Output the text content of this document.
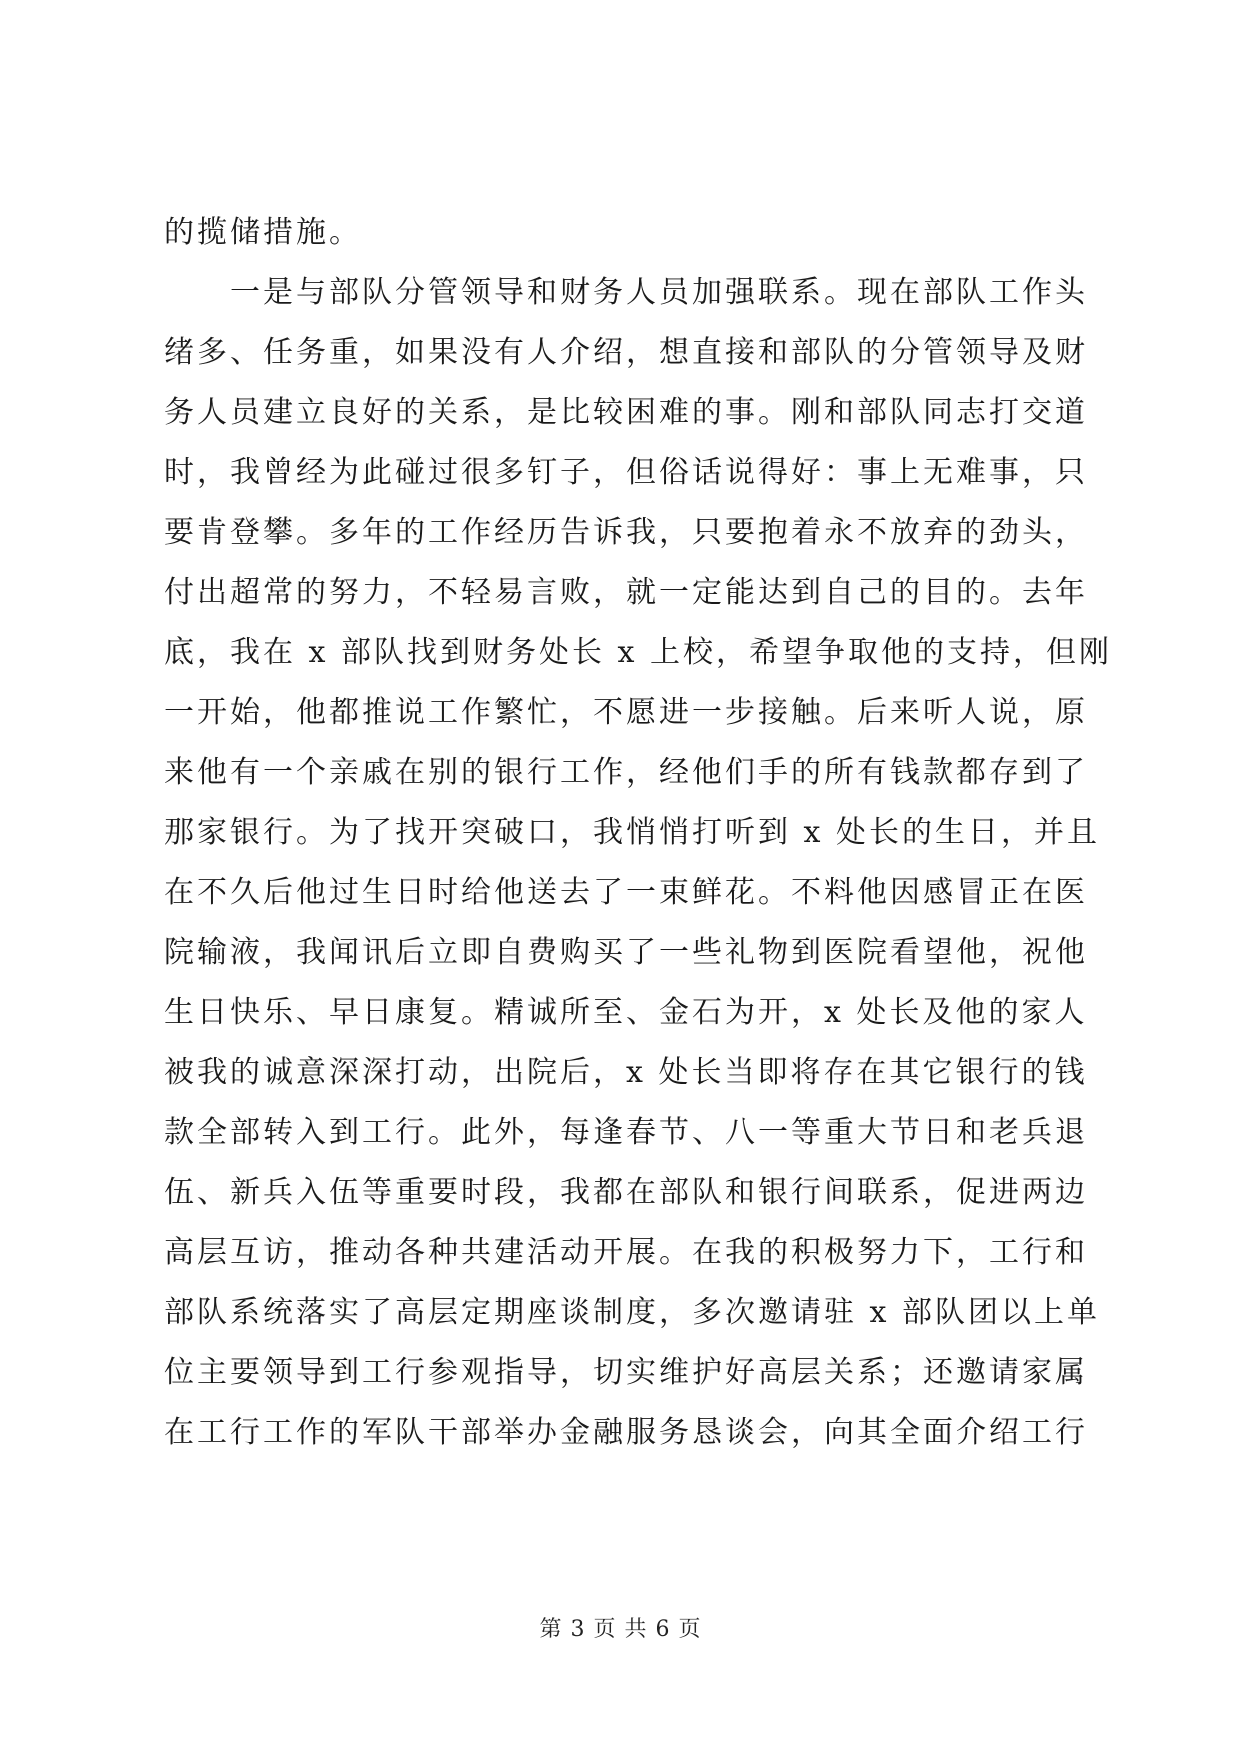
的揽储措施。
一是与部队分管领导和财务人员加强联系。现在部队工作头
绪多、任务重，如果没有人介绍，想直接和部队的分管领导及财
务人员建立良好的关系，是比较困难的事。刚和部队同志打交道
时，我曾经为此碰过很多钉子，但俗话说得好：事上无难事，只
要肯登攀。多年的工作经历告诉我，只要抱着永不放弃的劲头，
付出超常的努力，不轻易言败，就一定能达到自己的目的。去年
底，我在 x 部队找到财务处长 x 上校，希望争取他的支持，但刚
一开始，他都推说工作繁忙，不愿进一步接触。后来听人说，原
来他有一个亲戚在别的银行工作，经他们手的所有钱款都存到了
那家银行。为了找开突破口，我悄悄打听到 x 处长的生日，并且
在不久后他过生日时给他送去了一束鲜花。不料他因感冒正在医
院输液，我闻讯后立即自费购买了一些礼物到医院看望他，祝他
生日快乐、早日康复。精诚所至、金石为开，x 处长及他的家人
被我的诚意深深打动，出院后，x 处长当即将存在其它银行的钱
款全部转入到工行。此外，每逢春节、八一等重大节日和老兵退
伍、新兵入伍等重要时段，我都在部队和银行间联系，促进两边
高层互访，推动各种共建活动开展。在我的积极努力下，工行和
部队系统落实了高层定期座谈制度，多次邀请驻 x 部队团以上单
位主要领导到工行参观指导，切实维护好高层关系；还邀请家属
在工行工作的军队干部举办金融服务恳谈会，向其全面介绍工行
第 3 页 共 6 页
